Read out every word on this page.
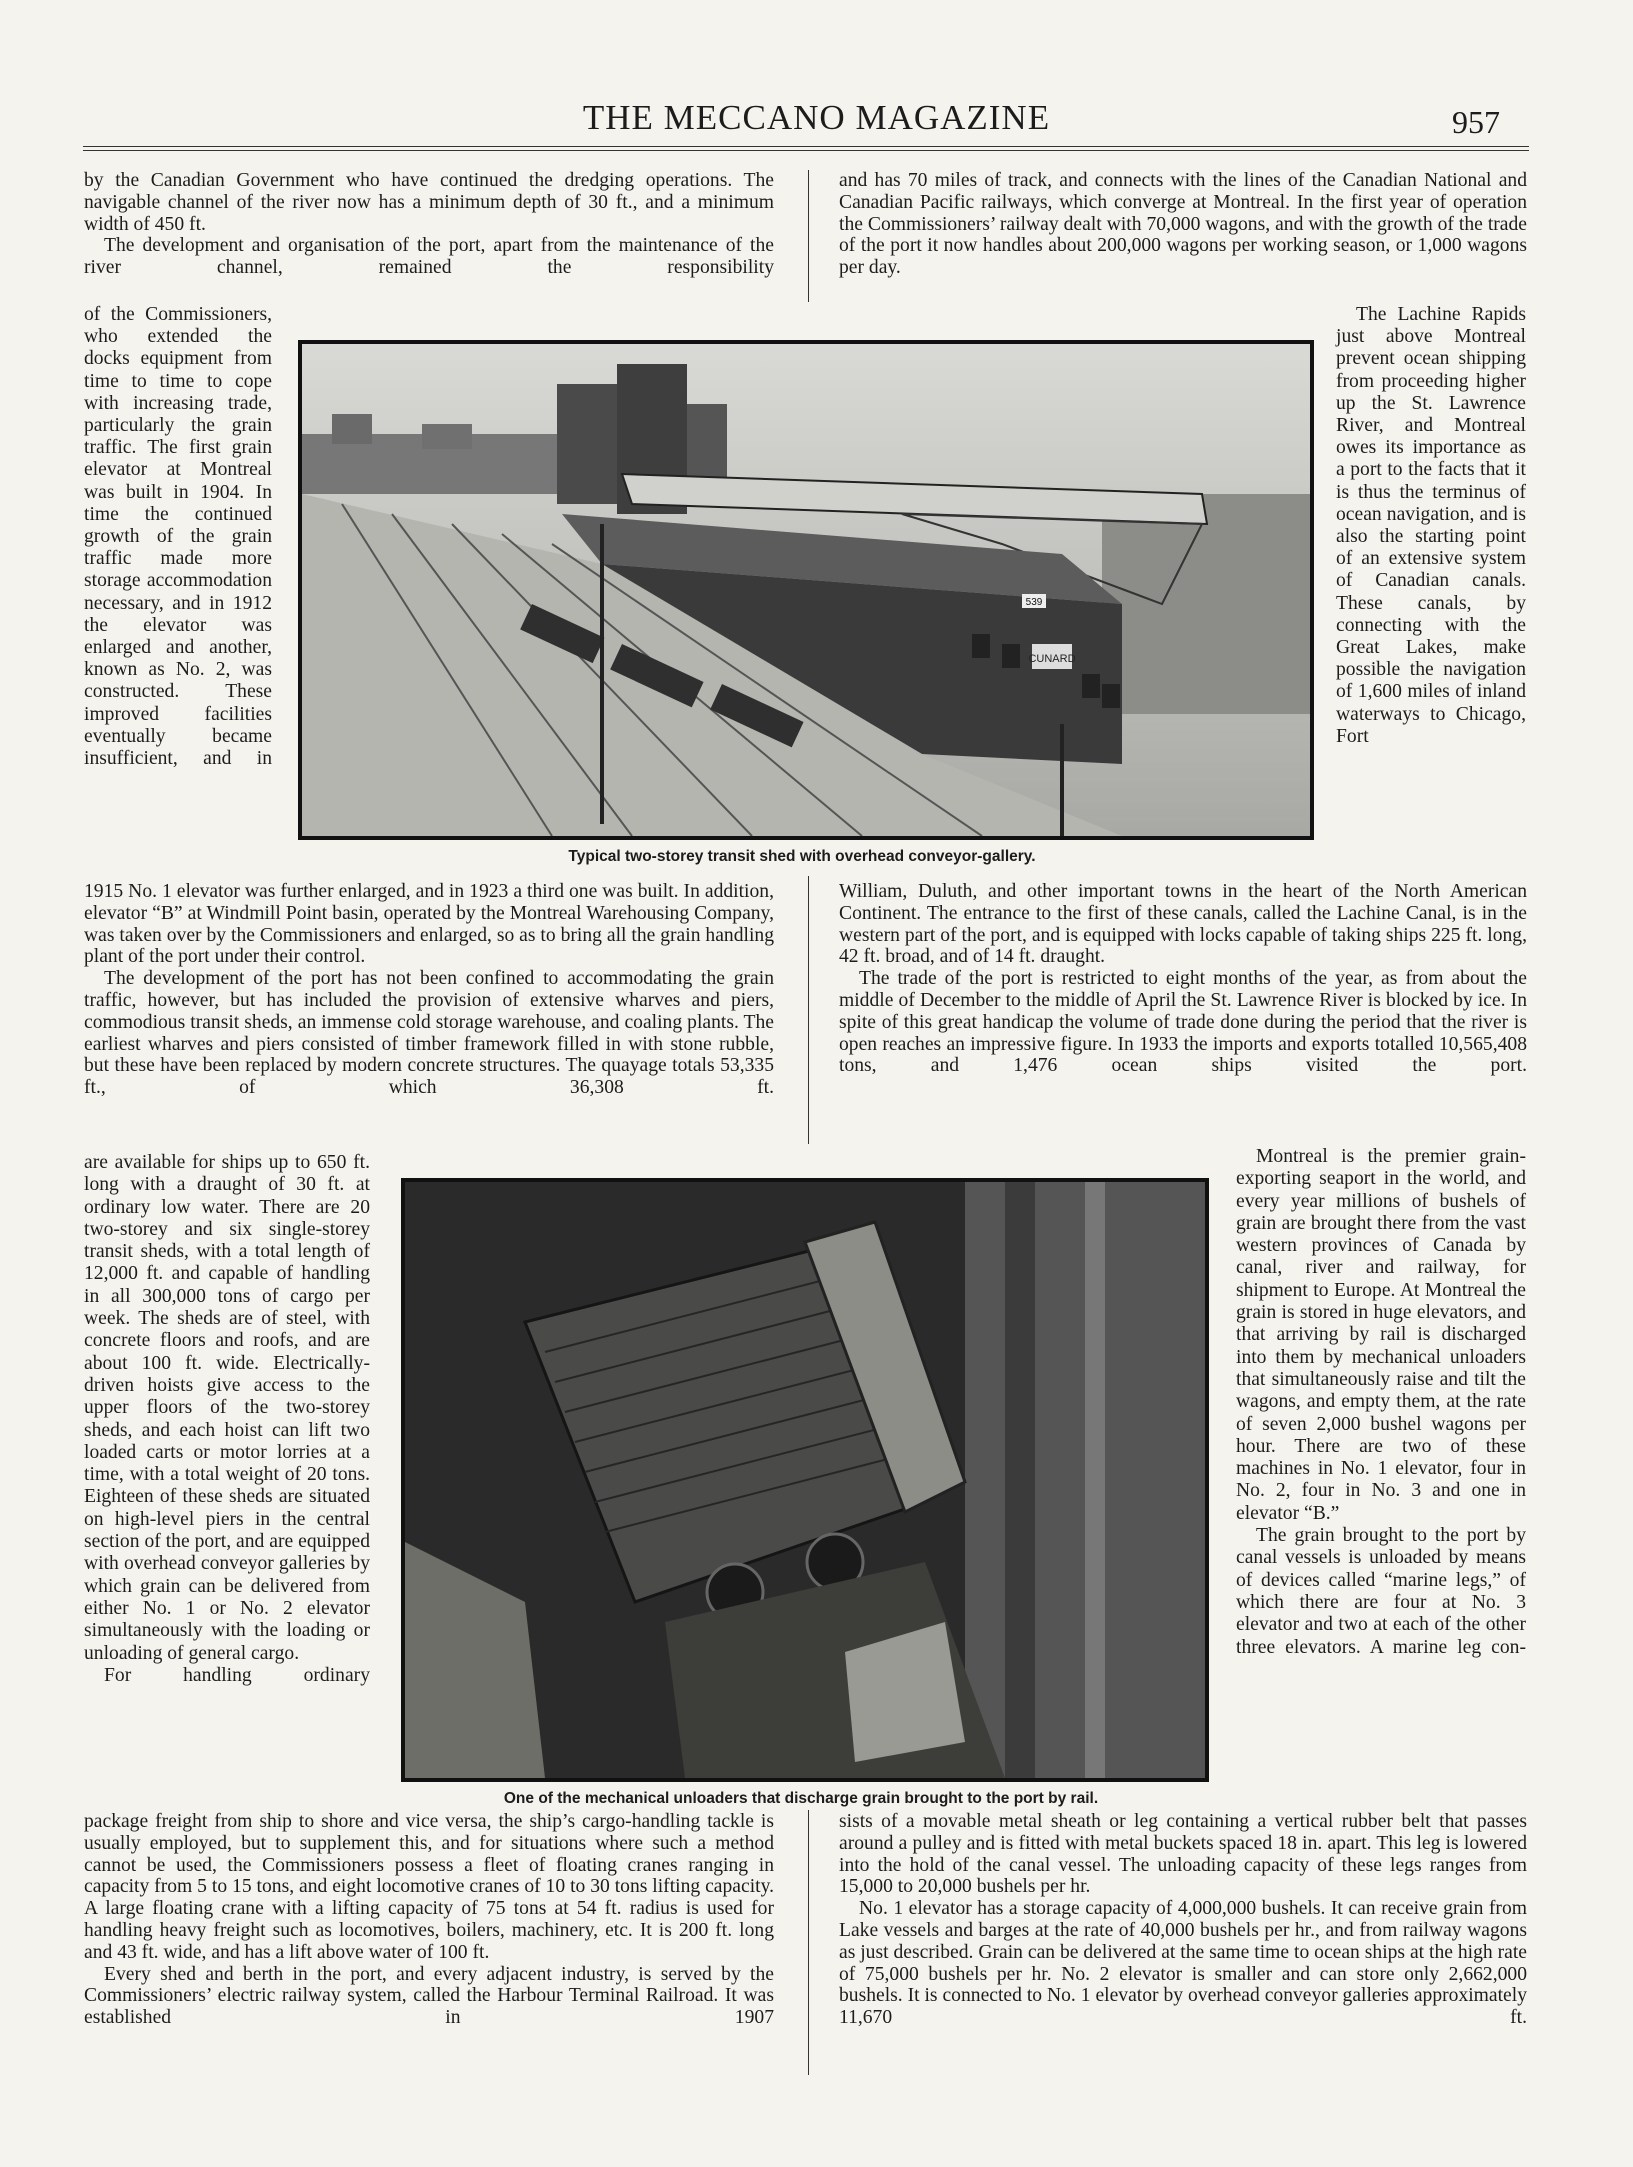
THE MECCANO MAGAZINE	957

by the Canadian Government who have continued the dredging operations. The navigable channel of the river now has a minimum depth of 30 ft., and a minimum width of 450 ft.

The development and organisation of the port, apart from the maintenance of the river channel, remained the responsibility

of the Commissioners, who extended the docks equipment from time to time to cope with increasing trade, particularly the grain traffic. The first grain elevator at Montreal was built in 1904. In time the continued growth of the grain traffic made more storage accommodation necessary, and in 1912 the elevator was enlarged and another, known as No. 2, was constructed. These improved facilities eventually became insufficient, and in

1915 No. 1 elevator was further enlarged, and in 1923 a third one was built. In addition, elevator “B” at Windmill Point basin, operated by the Montreal Warehousing Company, was taken over by the Commissioners and enlarged, so as to bring all the grain handling plant of the port under their control.

The development of the port has not been confined to accommodating the grain traffic, however, but has included the provision of extensive wharves and piers, commodious transit sheds, an immense cold storage warehouse, and coaling plants. The earliest wharves and piers consisted of timber framework filled in with stone rubble, but these have been replaced by modern concrete structures. The quayage totals 53,335 ft., of which 36,308 ft.

are available for ships up to 650 ft. long with a draught of 30 ft. at ordinary low water. There are 20 two-storey and six single-storey transit sheds, with a total length of 12,000 ft. and capable of handling in all 300,000 tons of cargo per week. The sheds are of steel, with concrete floors and roofs, and are about 100 ft. wide. Electrically-driven hoists give access to the upper floors of the two-storey sheds, and each hoist can lift two loaded carts or motor lorries at a time, with a total weight of 20 tons. Eighteen of these sheds are situated on high-level piers in the central section of the port, and are equipped with overhead conveyor galleries by which grain can be delivered from either No. 1 or No. 2 elevator simultaneously with the loading or unloading of general cargo.

For handling ordinary

package freight from ship to shore and vice versa, the ship’s cargo-handling tackle is usually employed, but to supplement this, and for situations where such a method cannot be used, the Commissioners possess a fleet of floating cranes ranging in capacity from 5 to 15 tons, and eight locomotive cranes of 10 to 30 tons lifting capacity. A large floating crane with a lifting capacity of 75 tons at 54 ft. radius is used for handling heavy freight such as locomotives, boilers, machinery, etc. It is 200 ft. long and 43 ft. wide, and has a lift above water of 100 ft.

Every shed and berth in the port, and every adjacent industry, is served by the Commissioners’ electric railway system, called the Harbour Terminal Railroad. It was established in 1907

and has 70 miles of track, and connects with the lines of the Canadian National and Canadian Pacific railways, which converge at Montreal. In the first year of operation the Commissioners’ railway dealt with 70,000 wagons, and with the growth of the trade of the port it now handles about 200,000 wagons per working season, or 1,000 wagons per day.

The Lachine Rapids just above Montreal prevent ocean shipping from proceeding higher up the St. Lawrence River, and Montreal owes its importance as a port to the facts that it is thus the terminus of ocean navigation, and is also the starting point of an extensive system of Canadian canals. These canals, by connecting with the Great Lakes, make possible the navigation of 1,600 miles of inland waterways to Chicago, Fort

William, Duluth, and other important towns in the heart of the North American Continent. The entrance to the first of these canals, called the Lachine Canal, is in the western part of the port, and is equipped with locks capable of taking ships 225 ft. long, 42 ft. broad, and of 14 ft. draught.

The trade of the port is restricted to eight months of the year, as from about the middle of December to the middle of April the St. Lawrence River is blocked by ice. In spite of this great handicap the volume of trade done during the period that the river is open reaches an impressive figure. In 1933 the imports and exports totalled 10,565,408 tons, and 1,476 ocean ships visited the port.

Montreal is the premier grain-exporting seaport in the world, and every year millions of bushels of grain are brought there from the vast western provinces of Canada by canal, river and railway, for shipment to Europe. At Montreal the grain is stored in huge elevators, and that arriving by rail is discharged into them by mechanical unloaders that simultaneously raise and tilt the wagons, and empty them, at the rate of seven 2,000 bushel wagons per hour. There are two of these machines in No. 1 elevator, four in No. 2, four in No. 3 and one in elevator “B.”

The grain brought to the port by canal vessels is unloaded by means of devices called “marine legs,” of which there are four at No. 3 elevator and two at each of the other three elevators. A marine leg con-

sists of a movable metal sheath or leg containing a vertical rubber belt that passes around a pulley and is fitted with metal buckets spaced 18 in. apart. This leg is lowered into the hold of the canal vessel. The unloading capacity of these legs ranges from 15,000 to 20,000 bushels per hr.

No. 1 elevator has a storage capacity of 4,000,000 bushels. It can receive grain from Lake vessels and barges at the rate of 40,000 bushels per hr., and from railway wagons as just described. Grain can be delivered at the same time to ocean ships at the high rate of 75,000 bushels per hr. No. 2 elevator is smaller and can store only 2,662,000 bushels. It is connected to No. 1 elevator by overhead conveyor galleries approximately 11,670 ft.

CUNARD
539
Typical two-storey transit shed with overhead conveyor-gallery.
One of the mechanical unloaders that discharge grain brought to the port by rail.
